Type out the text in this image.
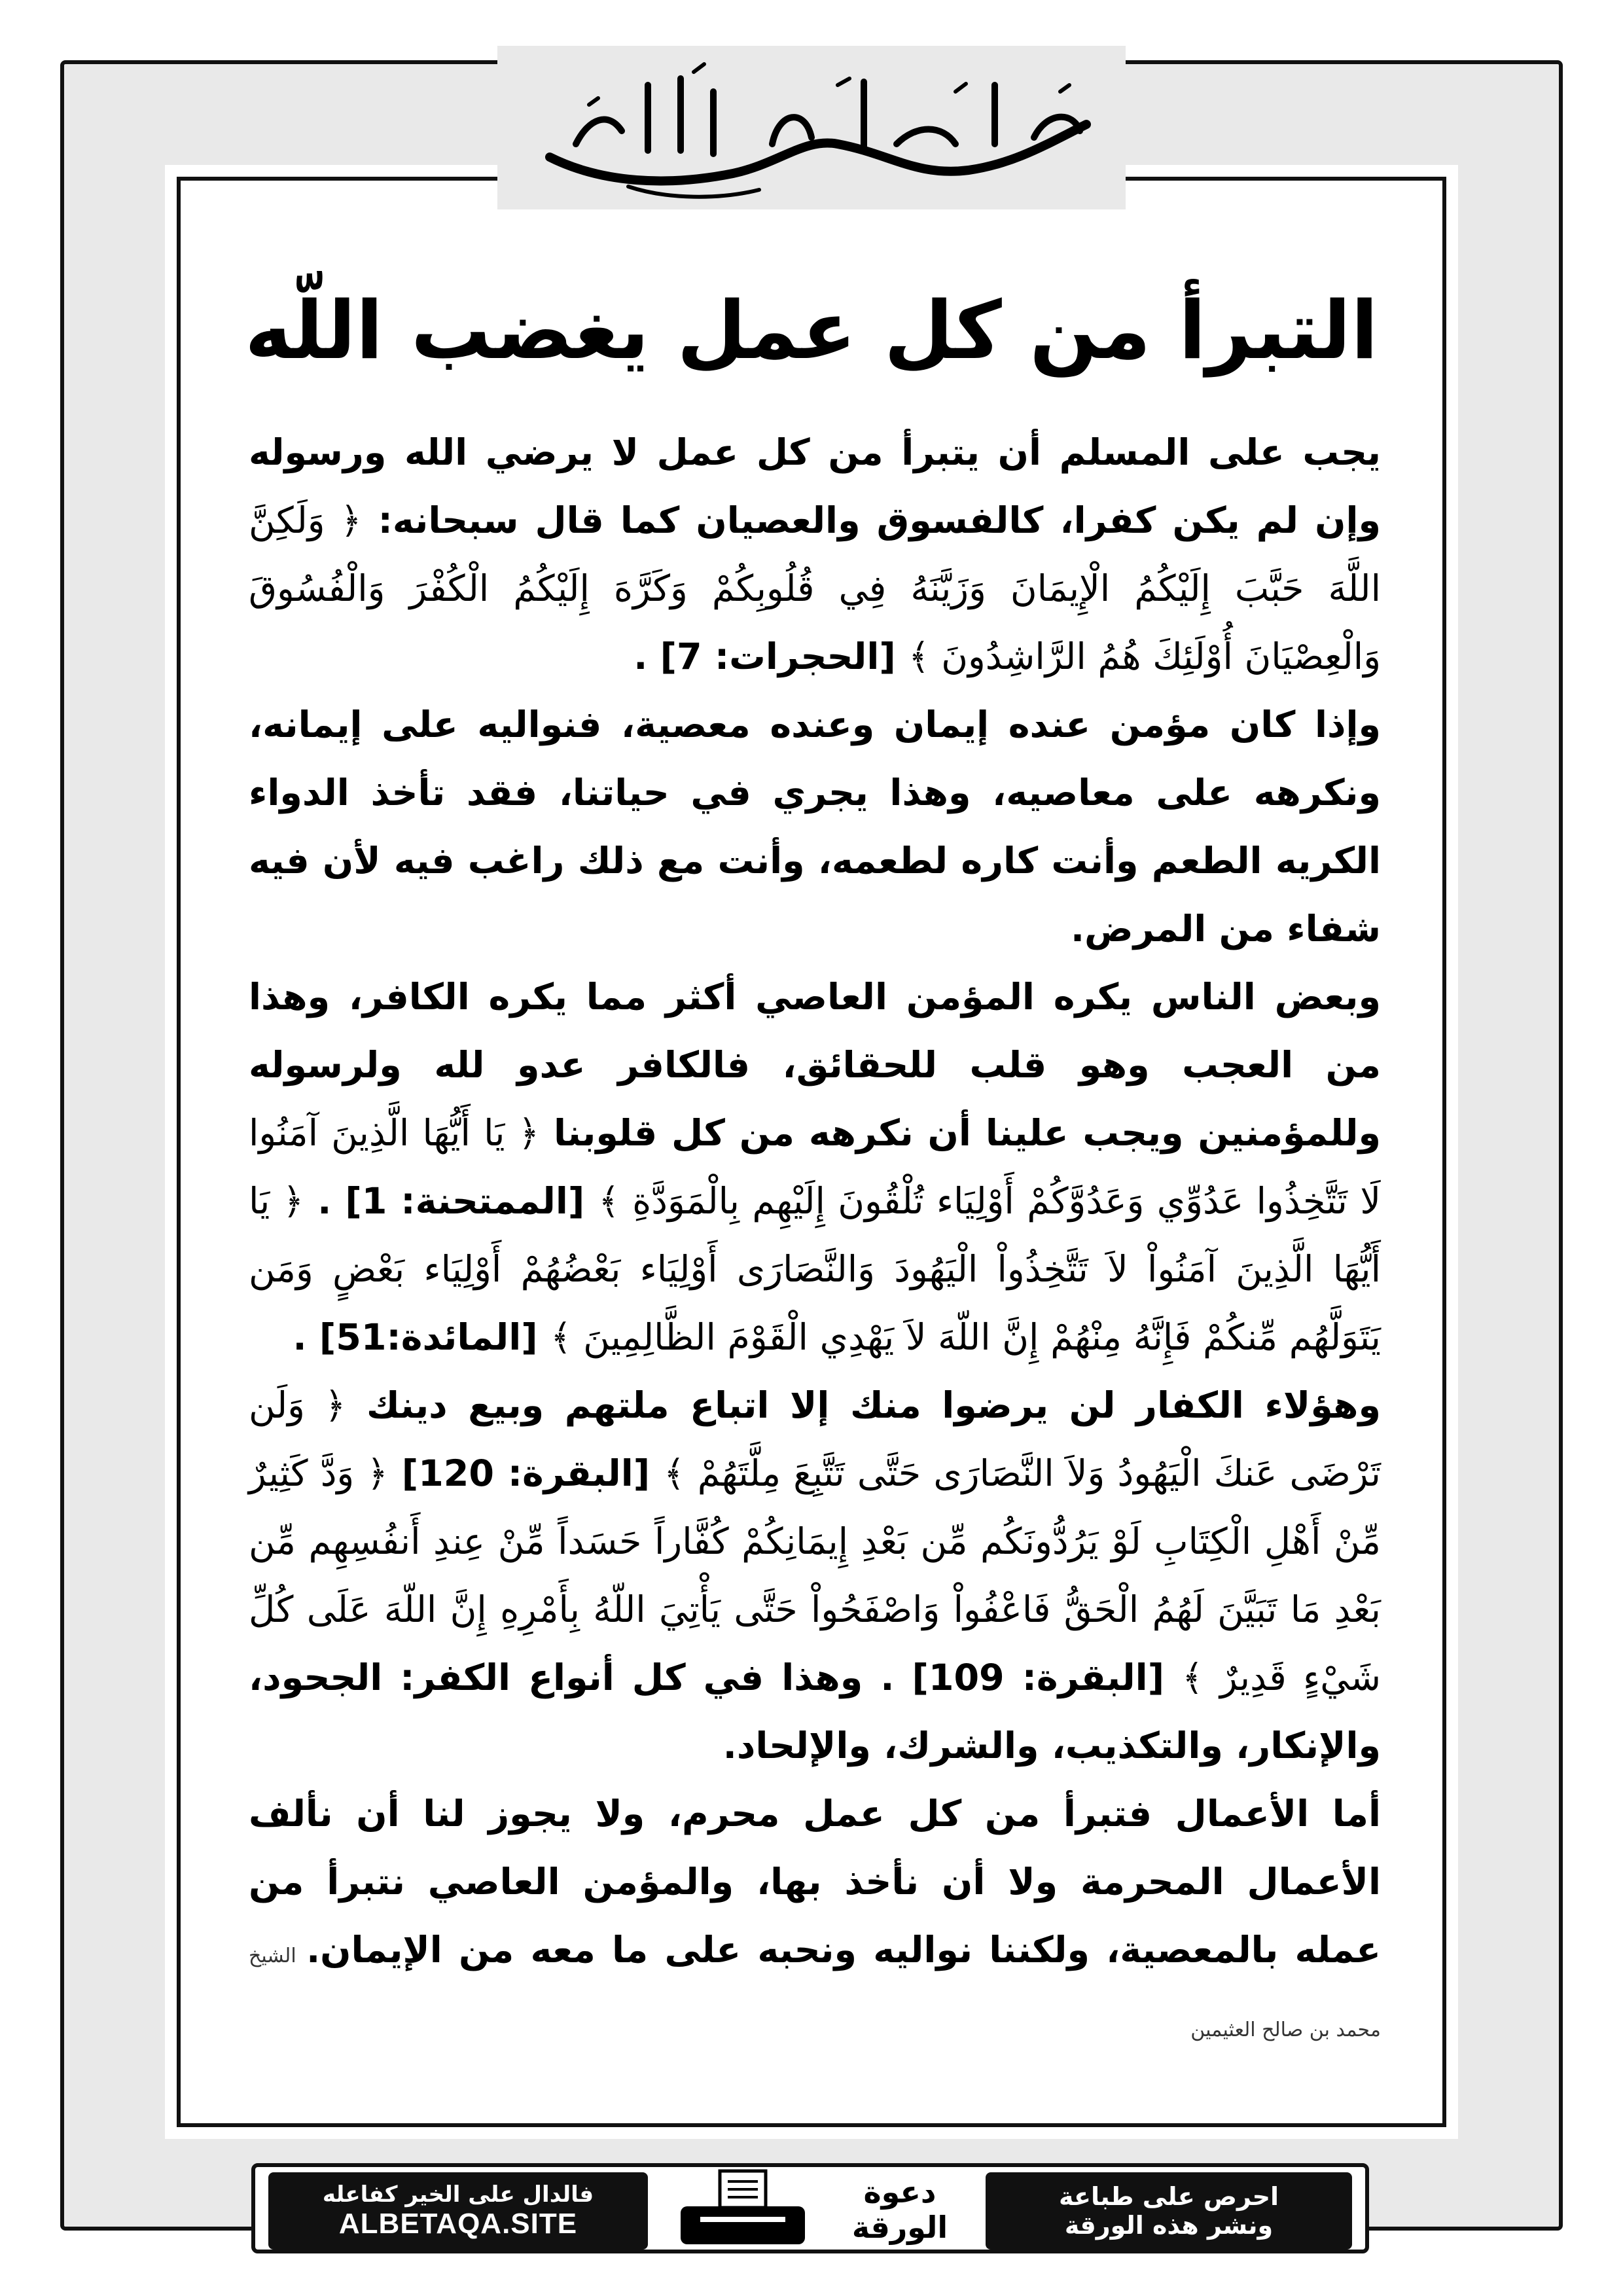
التبرأ من كل عمل يغضب اللّه

يجب على المسلم أن يتبرأ من كل عمل لا يرضي الله ورسوله وإن لم يكن كفرا، كالفسوق والعصيان كما قال سبحانه: ﴿ وَلَكِنَّ اللَّهَ حَبَّبَ إِلَيْكُمُ الْإِيمَانَ وَزَيَّنَهُ فِي قُلُوبِكُمْ وَكَرَّهَ إِلَيْكُمُ الْكُفْرَ وَالْفُسُوقَ وَالْعِصْيَانَ أُوْلَئِكَ هُمُ الرَّاشِدُونَ ﴾ [الحجرات: 7] .

وإذا كان مؤمن عنده إيمان وعنده معصية، فنواليه على إيمانه، ونكرهه على معاصيه، وهذا يجري في حياتنا، فقد تأخذ الدواء الكريه الطعم وأنت كاره لطعمه، وأنت مع ذلك راغب فيه لأن فيه شفاء من المرض.

وبعض الناس يكره المؤمن العاصي أكثر مما يكره الكافر، وهذا من العجب وهو قلب للحقائق، فالكافر عدو لله ولرسوله وللمؤمنين ويجب علينا أن نكرهه من كل قلوبنا ﴿ يَا أَيُّهَا الَّذِينَ آمَنُوا لَا تَتَّخِذُوا عَدُوِّي وَعَدُوَّكُمْ أَوْلِيَاء تُلْقُونَ إِلَيْهِم بِالْمَوَدَّةِ ﴾ [الممتحنة: 1] . ﴿ يَا أَيُّهَا الَّذِينَ آمَنُواْ لاَ تَتَّخِذُواْ الْيَهُودَ وَالنَّصَارَى أَوْلِيَاء بَعْضُهُمْ أَوْلِيَاء بَعْضٍ وَمَن يَتَوَلَّهُم مِّنكُمْ فَإِنَّهُ مِنْهُمْ إِنَّ اللّهَ لاَ يَهْدِي الْقَوْمَ الظَّالِمِينَ ﴾ [المائدة:51] .

وهؤلاء الكفار لن يرضوا منك إلا اتباع ملتهم وبيع دينك ﴿ وَلَن تَرْضَى عَنكَ الْيَهُودُ وَلاَ النَّصَارَى حَتَّى تَتَّبِعَ مِلَّتَهُمْ ﴾ [البقرة: 120] ﴿ وَدَّ كَثِيرٌ مِّنْ أَهْلِ الْكِتَابِ لَوْ يَرُدُّونَكُم مِّن بَعْدِ إِيمَانِكُمْ كُفَّاراً حَسَداً مِّنْ عِندِ أَنفُسِهِم مِّن بَعْدِ مَا تَبَيَّنَ لَهُمُ الْحَقُّ فَاعْفُواْ وَاصْفَحُواْ حَتَّى يَأْتِيَ اللّهُ بِأَمْرِهِ إِنَّ اللّهَ عَلَى كُلِّ شَيْءٍ قَدِيرٌ ﴾ [البقرة: 109] . وهذا في كل أنواع الكفر: الجحود، والإنكار، والتكذيب، والشرك، والإلحاد.

أما الأعمال فتبرأ من كل عمل محرم، ولا يجوز لنا أن نألف الأعمال المحرمة ولا أن نأخذ بها، والمؤمن العاصي نتبرأ من عمله بالمعصية، ولكننا نواليه ونحبه على ما معه من الإيمان. الشيخ محمد بن صالح العثيمين

فالدال على الخير كفاعله
ALBETAQA.SITE
دعوة
الورقة
احرص على طباعة
ونشر هذه الورقة
